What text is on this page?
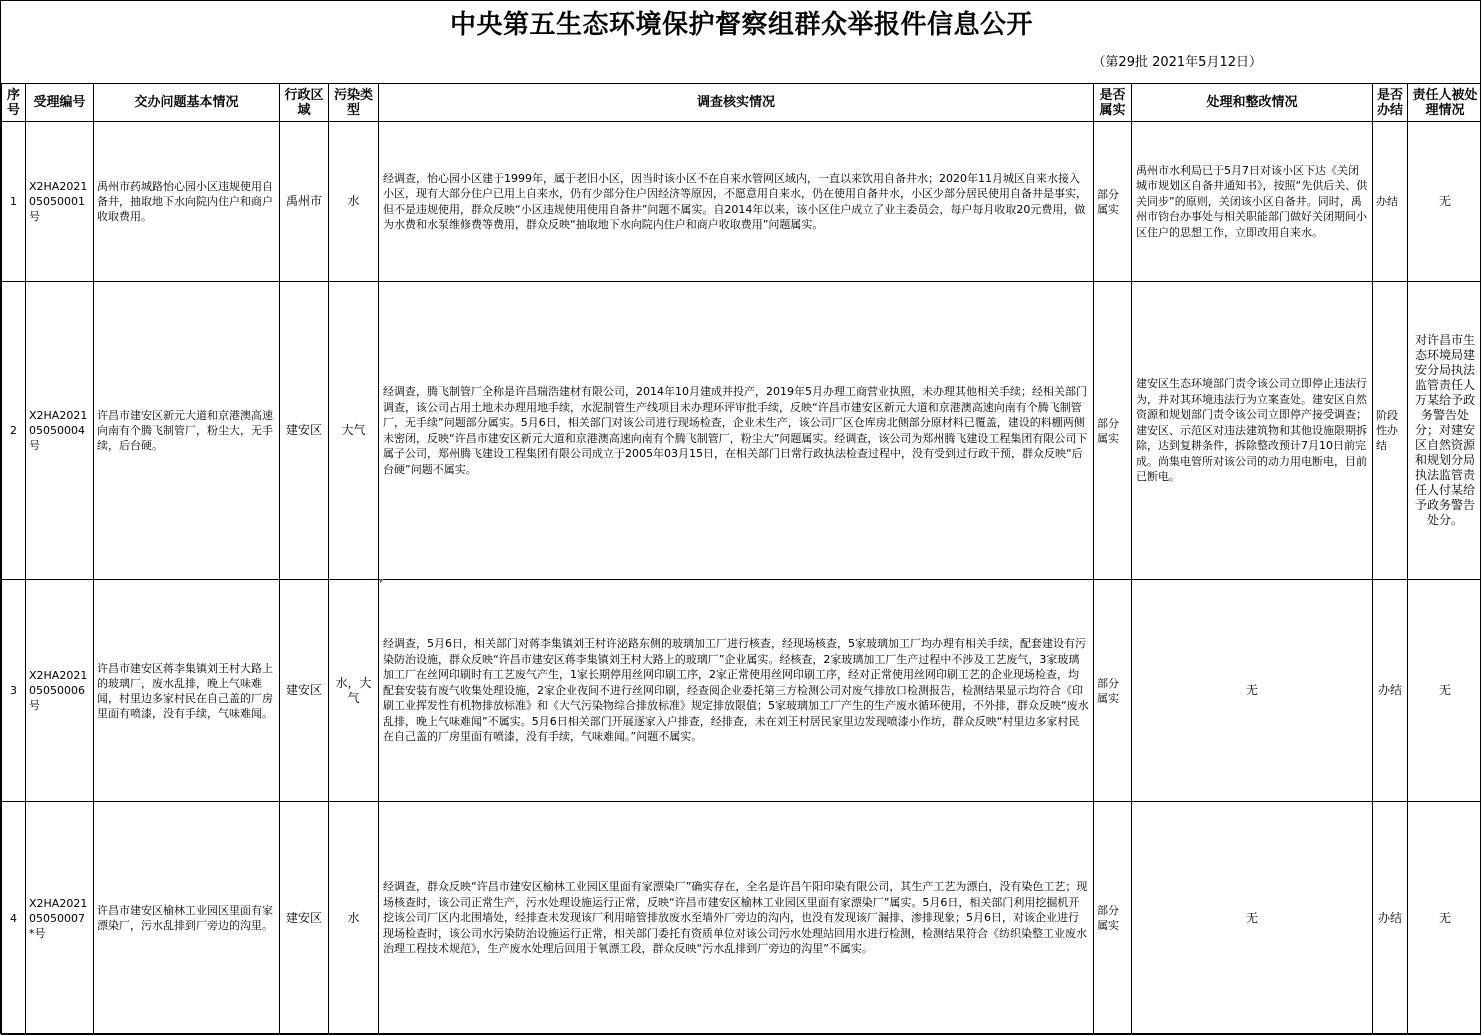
中央第五生态环境保护督察组群众举报件信息公开
（第29批 2021年5月12日）
序号	受理编号	交办问题基本情况	行政区域	污染类型	调查核实情况	是否属实	处理和整改情况	是否办结	责任人被处理情况
1	X2HA202105050001号	禹州市药城路怡心园小区违规使用自备井，抽取地下水向院内住户和商户收取费用。	禹州市	水	经调查，怡心园小区建于1999年，属于老旧小区，因当时该小区不在自来水管网区域内，一直以来饮用自备井水；2020年11月城区自来水接入小区，现有大部分住户已用上自来水，仍有少部分住户因经济等原因，不愿意用自来水，仍在使用自备井水，小区少部分居民使用自备井是事实，但不是违规使用，群众反映“小区违规使用使用自备井”问题不属实。自2014年以来，该小区住户成立了业主委员会，每户每月收取20元费用，做为水费和水泵维修费等费用，群众反映“抽取地下水向院内住户和商户收取费用”问题属实。	部分属实	禹州市水利局已于5月7日对该小区下达《关闭城市规划区自备井通知书》，按照“先供后关、供关同步”的原则，关闭该小区自备井。同时，禹州市钧台办事处与相关职能部门做好关闭期间小区住户的思想工作，立即改用自来水。	办结	无
2	X2HA202105050004号	许昌市建安区新元大道和京港澳高速向南有个腾飞制管厂，粉尘大，无手续，后台硬。	建安区	大气	经调查，腾飞制管厂全称是许昌瑞浩建材有限公司，2014年10月建成并投产，2019年5月办理工商营业执照，未办理其他相关手续；经相关部门调查，该公司占用土地未办理用地手续，水泥制管生产线项目未办理环评审批手续，反映“许昌市建安区新元大道和京港澳高速向南有个腾飞制管厂，无手续”问题部分属实。5月6日，相关部门对该公司进行现场检查，企业未生产，该公司厂区仓库房北侧部分原材料已覆盖，建设的料棚两侧未密闭，反映“许昌市建安区新元大道和京港澳高速向南有个腾飞制管厂，粉尘大”问题属实。经调查，该公司为郑州腾飞建设工程集团有限公司下属子公司，郑州腾飞建设工程集团有限公司成立于2005年03月15日，在相关部门日常行政执法检查过程中，没有受到过行政干预，群众反映“后台硬”问题不属实。	部分属实	建安区生态环境部门责令该公司立即停止违法行为，并对其环境违法行为立案查处。建安区自然资源和规划部门责令该公司立即停产接受调查；建安区、示范区对违法建筑物和其他设施限期拆除，达到复耕条件，拆除整改预计7月10日前完成。尚集电管所对该公司的动力用电断电，目前已断电。	阶段性办结	对许昌市生态环境局建安分局执法监管责任人万某给予政务警告处分；对建安区自然资源和规划分局执法监管责任人付某给予政务警告处分。
3	X2HA202105050006号	许昌市建安区蒋李集镇刘王村大路上的玻璃厂，废水乱排，晚上气味难闻，村里边多家村民在自己盖的厂房里面有喷漆，没有手续，气味难闻。	建安区	水，大气	经调查，5月6日，相关部门对蒋李集镇刘王村许泌路东侧的玻璃加工厂进行核查，经现场核查，5家玻璃加工厂均办理有相关手续，配套建设有污染防治设施，群众反映“许昌市建安区蒋李集镇刘王村大路上的玻璃厂”企业属实。经核查，2家玻璃加工厂生产过程中不涉及工艺废气，3家玻璃加工厂在丝网印刷时有工艺废气产生，1家长期停用丝网印刷工序，2家正常使用丝网印刷工序，经对正常使用丝网印刷工艺的企业现场检查，均配套安装有废气收集处理设施，2家企业夜间不进行丝网印刷，经查阅企业委托第三方检测公司对废气排放口检测报告，检测结果显示均符合《印刷工业挥发性有机物排放标准》和《大气污染物综合排放标准》规定排放限值；5家玻璃加工厂产生的生产废水循环使用，不外排，群众反映“废水乱排，晚上气味难闻”不属实。5月6日相关部门开展逐家入户排查，经排查，未在刘王村居民家里边发现喷漆小作坊，群众反映“村里边多家村民在自己盖的厂房里面有喷漆，没有手续，气味难闻。”问题不属实。	部分属实	无	办结	无
4	X2HA202105050007*号	许昌市建安区榆林工业园区里面有家漂染厂，污水乱排到厂旁边的沟里。	建安区	水	经调查，群众反映“许昌市建安区榆林工业园区里面有家漂染厂”确实存在，全名是许昌午阳印染有限公司，其生产工艺为漂白，没有染色工艺；现场核查时，该公司正常生产，污水处理设施运行正常，反映“许昌市建安区榆林工业园区里面有家漂染厂”属实。5月6日，相关部门利用挖掘机开挖该公司厂区内北围墙处，经排查未发现该厂利用暗管排放废水至墙外厂旁边的沟内，也没有发现该厂漏排、渗排现象；5月6日，对该企业进行现场检查时，该公司水污染防治设施运行正常，相关部门委托有资质单位对该公司污水处理站回用水进行检测，检测结果符合《纺织染整工业废水治理工程技术规范》，生产废水处理后回用于氧漂工段，群众反映“污水乱排到厂旁边的沟里”不属实。	部分属实	无	办结	无
